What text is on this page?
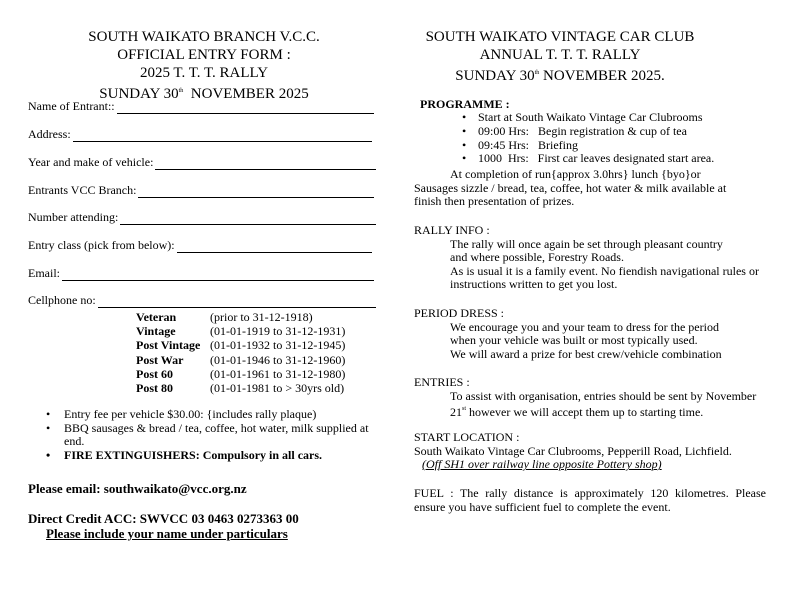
SOUTH WAIKATO BRANCH V.C.C.
OFFICIAL ENTRY FORM :
2025 T. T. T. RALLY
SUNDAY 30th  NOVEMBER 2025
Name of Entrant::
Address:
Year and make of vehicle:
Entrants VCC Branch:
Number attending:
Entry class (pick from below):
Email:
Cellphone no:
Veteran	(prior to 31-12-1918)
Vintage	(01-01-1919 to 31-12-1931)
Post Vintage (01-01-1932 to 31-12-1945)
Post War	(01-01-1946 to 31-12-1960)
Post 60	(01-01-1961 to 31-12-1980)
Post 80	(01-01-1981 to > 30yrs old)
• Entry fee per vehicle $30.00: {includes rally plaque)
• BBQ sausages & bread / tea, coffee, hot water, milk supplied at end.
• FIRE EXTINGUISHERS: Compulsory in all cars.
Please email: southwaikato@vcc.org.nz
Direct Credit ACC: SWVCC 03 0463 0273363 00
Please include your name under particulars
SOUTH WAIKATO VINTAGE CAR CLUB
ANNUAL T. T. T. RALLY
SUNDAY 30th NOVEMBER 2025.
PROGRAMME :
• Start at South Waikato Vintage Car Clubrooms
• 09:00 Hrs:   Begin registration & cup of tea
• 09:45 Hrs:   Briefing
• 1000  Hrs:   First car leaves designated start area.
At completion of run{approx 3.0hrs} lunch {byo}or
Sausages sizzle / bread, tea, coffee, hot water & milk available at
finish then presentation of prizes.
RALLY INFO :
The rally will once again be set through pleasant country
and where possible, Forestry Roads.
As is usual it is a family event. No fiendish navigational rules or
instructions written to get you lost.
PERIOD DRESS :
We encourage you and your team to dress for the period
when your vehicle was built or most typically used.
We will award a prize for best crew/vehicle combination
ENTRIES :
To assist with organisation, entries should be sent by November
21st however we will accept them up to starting time.
START LOCATION :
South Waikato Vintage Car Clubrooms, Pepperill Road, Lichfield.
(Off SH1 over railway line opposite Pottery shop)
FUEL : The rally distance is approximately 120 kilometres. Please ensure you have sufficient fuel to complete the event.
